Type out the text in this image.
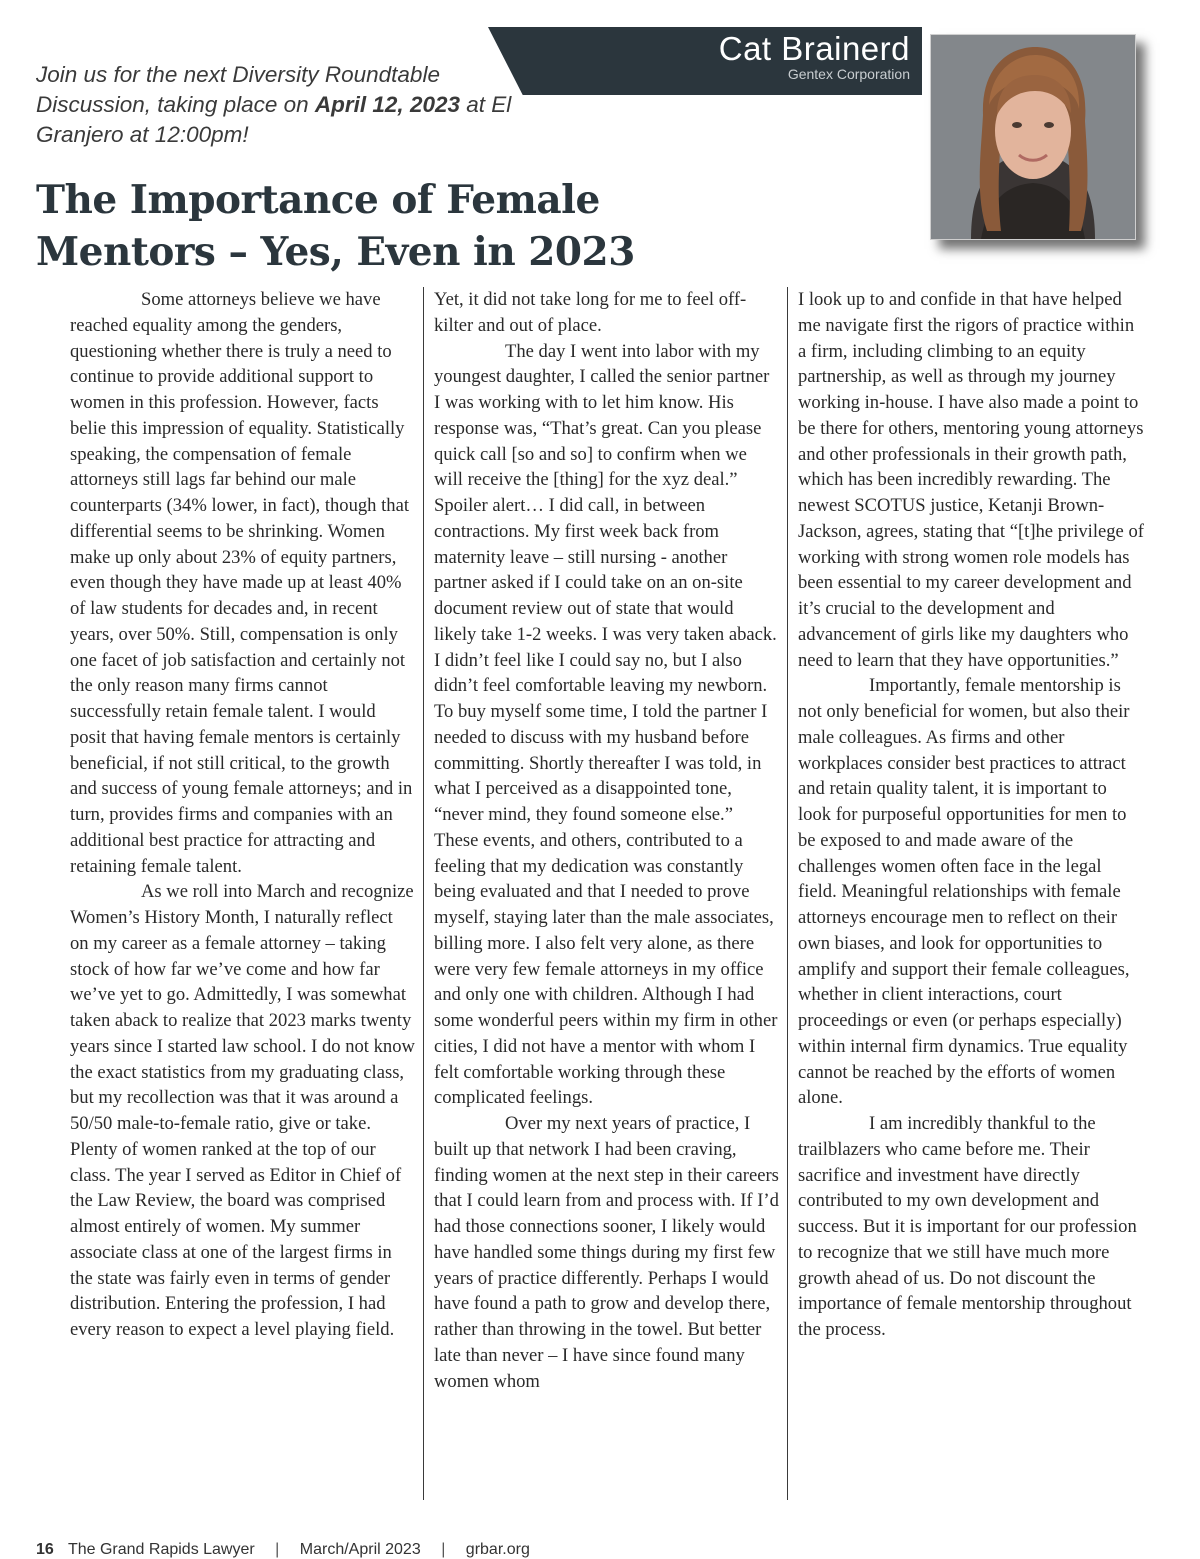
Join us for the next Diversity Roundtable Discussion, taking place on April 12, 2023 at El Granjero at 12:00pm!

Cat Brainerd
Gentex Corporation
The Importance of Female Mentors – Yes, Even in 2023

Some attorneys believe we have reached equality among the genders, questioning whether there is truly a need to continue to provide additional support to women in this profession. However, facts belie this impression of equality. Statistically speaking, the compensation of female attorneys still lags far behind our male counterparts (34% lower, in fact), though that differential seems to be shrinking. Women make up only about 23% of equity partners, even though they have made up at least 40% of law students for decades and, in recent years, over 50%. Still, compensation is only one facet of job satisfaction and certainly not the only reason many firms cannot successfully retain female talent. I would posit that having female mentors is certainly beneficial, if not still critical, to the growth and success of young female attorneys; and in turn, provides firms and companies with an additional best practice for attracting and retaining female talent.

As we roll into March and recognize Women’s History Month, I naturally reflect on my career as a female attorney – taking stock of how far we’ve come and how far we’ve yet to go. Admittedly, I was somewhat taken aback to realize that 2023 marks twenty years since I started law school. I do not know the exact statistics from my graduating class, but my recollection was that it was around a 50/50 male-to-female ratio, give or take. Plenty of women ranked at the top of our class. The year I served as Editor in Chief of the Law Review, the board was comprised almost entirely of women. My summer associate class at one of the largest firms in the state was fairly even in terms of gender distribution. Entering the profession, I had every reason to expect a level playing field.

Yet, it did not take long for me to feel off-kilter and out of place.

The day I went into labor with my youngest daughter, I called the senior partner I was working with to let him know. His response was, “That’s great. Can you please quick call [so and so] to confirm when we will receive the [thing] for the xyz deal.” Spoiler alert… I did call, in between contractions. My first week back from maternity leave – still nursing - another partner asked if I could take on an on-site document review out of state that would likely take 1-2 weeks. I was very taken aback. I didn’t feel like I could say no, but I also didn’t feel comfortable leaving my newborn. To buy myself some time, I told the partner I needed to discuss with my husband before committing. Shortly thereafter I was told, in what I perceived as a disappointed tone, “never mind, they found someone else.” These events, and others, contributed to a feeling that my dedication was constantly being evaluated and that I needed to prove myself, staying later than the male associates, billing more. I also felt very alone, as there were very few female attorneys in my office and only one with children. Although I had some wonderful peers within my firm in other cities, I did not have a mentor with whom I felt comfortable working through these complicated feelings.

Over my next years of practice, I built up that network I had been craving, finding women at the next step in their careers that I could learn from and process with. If I’d had those connections sooner, I likely would have handled some things during my first few years of practice differently. Perhaps I would have found a path to grow and develop there, rather than throwing in the towel. But better late than never – I have since found many women whom

I look up to and confide in that have helped me navigate first the rigors of practice within a firm, including climbing to an equity partnership, as well as through my journey working in-house. I have also made a point to be there for others, mentoring young attorneys and other professionals in their growth path, which has been incredibly rewarding. The newest SCOTUS justice, Ketanji Brown-Jackson, agrees, stating that “[t]he privilege of working with strong women role models has been essential to my career development and it’s crucial to the development and advancement of girls like my daughters who need to learn that they have opportunities.”

Importantly, female mentorship is not only beneficial for women, but also their male colleagues. As firms and other workplaces consider best practices to attract and retain quality talent, it is important to look for purposeful opportunities for men to be exposed to and made aware of the challenges women often face in the legal field. Meaningful relationships with female attorneys encourage men to reflect on their own biases, and look for opportunities to amplify and support their female colleagues, whether in client interactions, court proceedings or even (or perhaps especially) within internal firm dynamics. True equality cannot be reached by the efforts of women alone.

I am incredibly thankful to the trailblazers who came before me. Their sacrifice and investment have directly contributed to my own development and success. But it is important for our profession to recognize that we still have much more growth ahead of us. Do not discount the importance of female mentorship throughout the process.

16 The Grand Rapids Lawyer | March/April 2023 | grbar.org
